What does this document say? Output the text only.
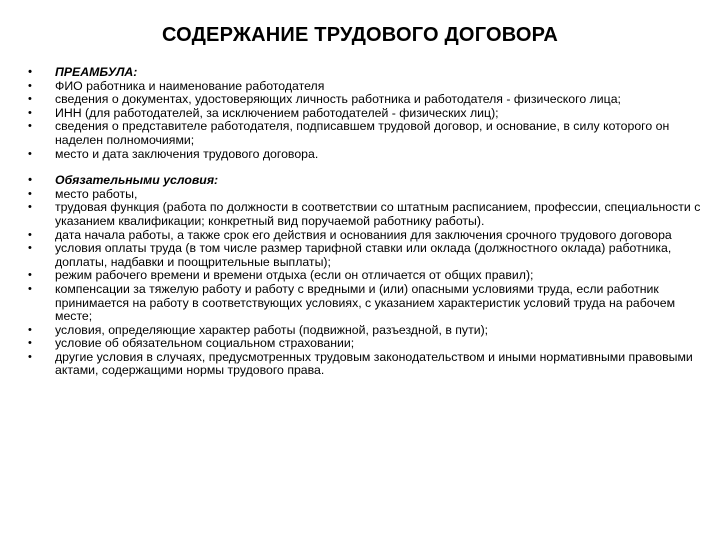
СОДЕРЖАНИЕ ТРУДОВОГО ДОГОВОРА
• ПРЕАМБУЛА:
• ФИО работника и наименование работодателя
• сведения о документах, удостоверяющих личность работника и работодателя - физического лица;
• ИНН (для работодателей, за исключением работодателей - физических лиц);
• сведения о представителе работодателя, подписавшем трудовой договор, и основание, в силу которого он наделен полномочиями;
• место и дата заключения трудового договора.
• Обязательными условия:
• место работы,
• трудовая функция (работа по должности в соответствии со штатным расписанием, профессии, специальности с указанием квалификации; конкретный вид поручаемой работнику работы).
• дата начала работы, а также срок его действия и основаниия для заключения срочного трудового договора
• условия оплаты труда (в том числе размер тарифной ставки или оклада (должностного оклада) работника, доплаты, надбавки и поощрительные выплаты);
• режим рабочего времени и времени отдыха (если он отличается от общих правил);
• компенсации за тяжелую работу и работу с вредными и (или) опасными условиями труда, если работник принимается на работу в соответствующих условиях, с указанием характеристик условий труда на рабочем месте;
• условия, определяющие характер работы (подвижной, разъездной, в пути);
• условие об обязательном социальном страховании;
• другие условия в случаях, предусмотренных трудовым законодательством и иными нормативными правовыми актами, содержащими нормы трудового права.
